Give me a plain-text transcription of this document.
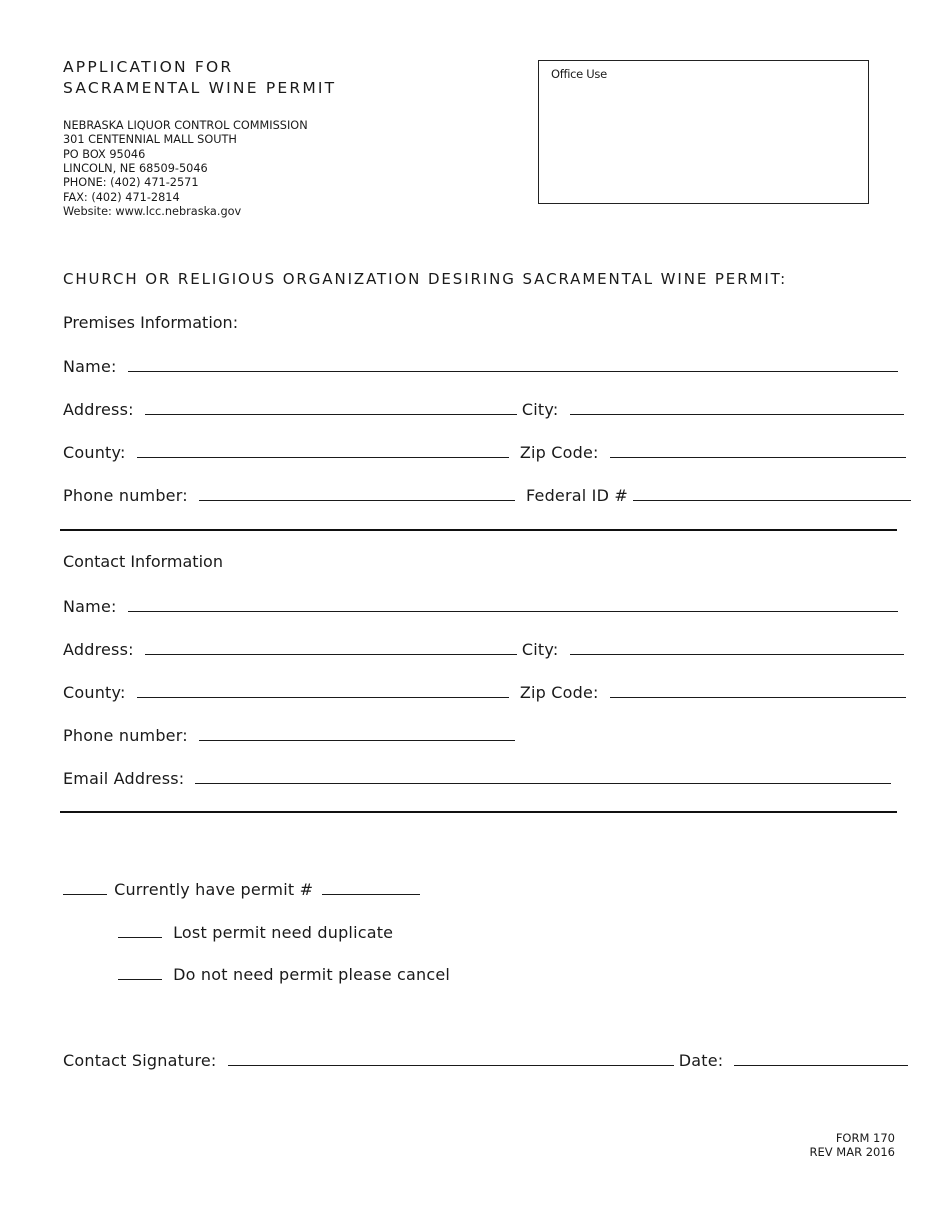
APPLICATION FOR
SACRAMENTAL WINE PERMIT
NEBRASKA LIQUOR CONTROL COMMISSION
301 CENTENNIAL MALL SOUTH
PO BOX 95046
LINCOLN, NE 68509-5046
PHONE: (402) 471-2571
FAX: (402) 471-2814
Website: www.lcc.nebraska.gov

Office Use

CHURCH OR RELIGIOUS ORGANIZATION DESIRING SACRAMENTAL WINE PERMIT:
Premises Information:
Name:
Address:	City:
County:	Zip Code:
Phone number:	Federal ID #
Contact Information
Name:
Address:	City:
County:	Zip Code:
Phone number:
Email Address:
Currently have permit #
Lost permit need duplicate
Do not need permit please cancel
Contact Signature:	Date:
FORM 170
REV MAR 2016
